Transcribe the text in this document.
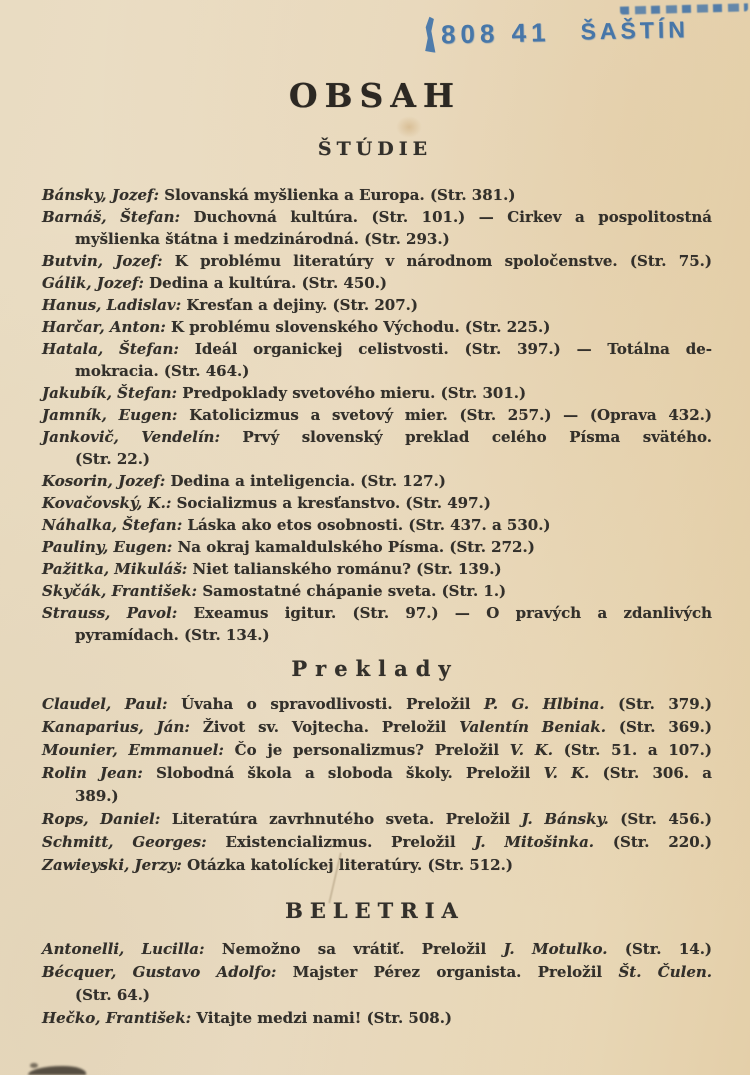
808 41 ŠAŠTÍN
OBSAH
ŠTÚDIE

Bánsky, Jozef: Slovanská myšlienka a Europa. (Str. 381.)

Barnáš, Štefan: Duchovná kultúra. (Str. 101.) — Cirkev a pospolitostná
myšlienka štátna i medzinárodná. (Str. 293.)

Butvin, Jozef: K problému literatúry v národnom spoločenstve. (Str. 75.)

Gálik, Jozef: Dedina a kultúra. (Str. 450.)

Hanus, Ladislav: Kresťan a dejiny. (Str. 207.)

Harčar, Anton: K problému slovenského Východu. (Str. 225.)

Hatala, Štefan: Ideál organickej celistvosti. (Str. 397.) — Totálna de-
mokracia. (Str. 464.)

Jakubík, Štefan: Predpoklady svetového mieru. (Str. 301.)

Jamník, Eugen: Katolicizmus a svetový mier. (Str. 257.) — (Oprava 432.)

Jankovič, Vendelín: Prvý slovenský preklad celého Písma svätého.
(Str. 22.)

Kosorin, Jozef: Dedina a inteligencia. (Str. 127.)

Kovačovský, K.: Socializmus a kresťanstvo. (Str. 497.)

Náhalka, Štefan: Láska ako etos osobnosti. (Str. 437. a 530.)

Pauliny, Eugen: Na okraj kamaldulského Písma. (Str. 272.)

Pažitka, Mikuláš: Niet talianského románu? (Str. 139.)

Skyčák, František: Samostatné chápanie sveta. (Str. 1.)

Strauss, Pavol: Exeamus igitur. (Str. 97.) — O pravých a zdanlivých
pyramídach. (Str. 134.)

Preklady

Claudel, Paul: Úvaha o spravodlivosti. Preložil P. G. Hlbina. (Str. 379.)

Kanaparius, Ján: Život sv. Vojtecha. Preložil Valentín Beniak. (Str. 369.)

Mounier, Emmanuel: Čo je personalizmus? Preložil V. K. (Str. 51. a 107.)

Rolin Jean: Slobodná škola a sloboda školy. Preložil V. K. (Str. 306. a
389.)

Rops, Daniel: Literatúra zavrhnutého sveta. Preložil J. Bánsky. (Str. 456.)

Schmitt, Georges: Existencializmus. Preložil J. Mitošinka. (Str. 220.)

Zawieyski, Jerzy: Otázka katolíckej literatúry. (Str. 512.)

BELETRIA

Antonelli, Lucilla: Nemožno sa vrátiť. Preložil J. Motulko. (Str. 14.)

Bécquer, Gustavo Adolfo: Majster Pérez organista. Preložil Št. Čulen.
(Str. 64.)

Hečko, František: Vitajte medzi nami! (Str. 508.)
